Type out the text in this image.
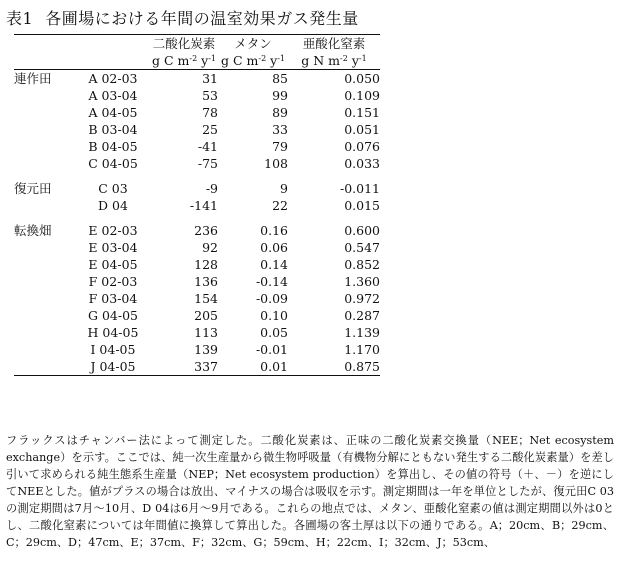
表1 各圃場における年間の温室効果ガス発生量
		二酸化炭素	メタン	亜酸化窒素
		g C $m^{-2}$ $y^{-1}$	g C $m^{-2}$ $y^{-1}$	g N $m^{-2}$ $y^{-1}$
連作田	A 02-03	31	85	0.050
	A 03-04	53	99	0.109
	A 04-05	78	89	0.151
	B 03-04	25	33	0.051
	B 04-05	-41	79	0.076
	C 04-05	-75	108	0.033

復元田	C 03	-9	9	-0.011
	D 04	-141	22	0.015

転換畑	E 02-03	236	0.16	0.600
	E 03-04	92	0.06	0.547
	E 04-05	128	0.14	0.852
	F 02-03	136	-0.14	1.360
	F 03-04	154	-0.09	0.972
	G 04-05	205	0.10	0.287
	H 04-05	113	0.05	1.139
	I 04-05	139	-0.01	1.170
	J 04-05	337	0.01	0.875
フラックスはチャンバー法によって測定した。二酸化炭素は、正味の二酸化炭素交換量（NEE；Net ecosystem exchange）を示す。ここでは、純一次生産量から微生物呼吸量（有機物分解にともない発生する二酸化炭素量）を差し引いて求められる純生態系生産量（NEP；Net ecosystem production）を算出し、その値の符号（＋、－）を逆にしてNEEとした。値がプラスの場合は放出、マイナスの場合は吸収を示す。測定期間は一年を単位としたが、復元田C 03の測定期間は7月～10月、D 04は6月～9月である。これらの地点では、メタン、亜酸化窒素の値は測定期間以外は0とし、二酸化窒素については年間値に換算して算出した。各圃場の客土厚は以下の通りである。A；20cm、B；29cm、C；29cm、D；47cm、E；37cm、F；32cm、G；59cm、H；22cm、I；32cm、J；53cm、
